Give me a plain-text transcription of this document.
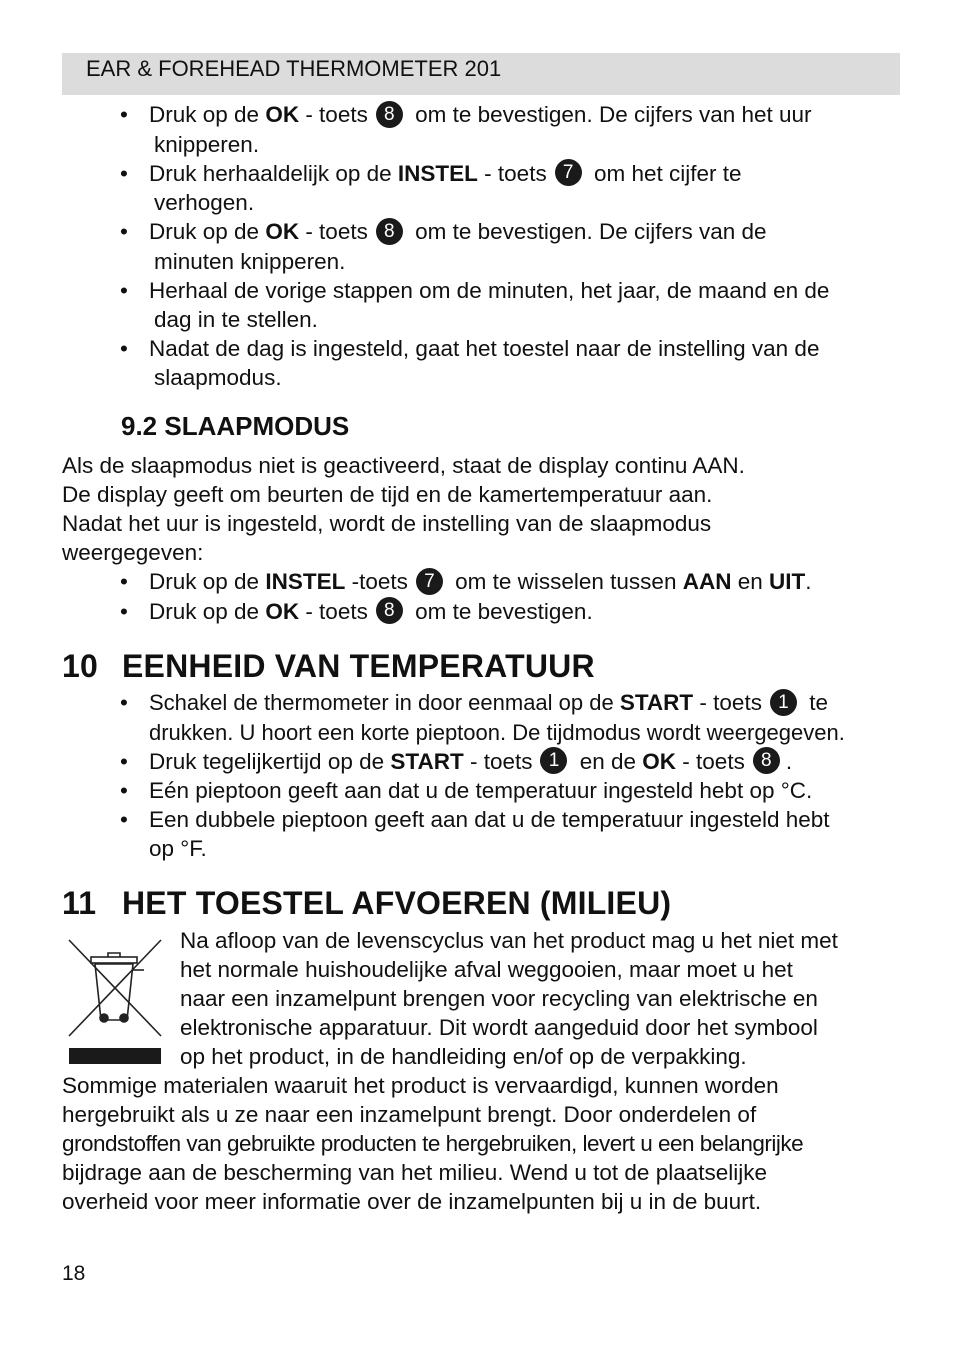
EAR & FOREHEAD THERMOMETER 201
• Druk op de OK - toets 8 om te bevestigen. De cijfers van het uur
knipperen.
• Druk herhaaldelijk op de INSTEL - toets 7 om het cijfer te
verhogen.
• Druk op de OK - toets 8 om te bevestigen. De cijfers van de
minuten knipperen.
• Herhaal de vorige stappen om de minuten, het jaar, de maand en de
dag in te stellen.
• Nadat de dag is ingesteld, gaat het toestel naar de instelling van de
slaapmodus.
9.2 SLAAPMODUS
Als de slaapmodus niet is geactiveerd, staat de display continu AAN.
De display geeft om beurten de tijd en de kamertemperatuur aan.
Nadat het uur is ingesteld, wordt de instelling van de slaapmodus
weergegeven:
• Druk op de INSTEL -toets 7 om te wisselen tussen AAN en UIT.
• Druk op de OK - toets 8 om te bevestigen.
10 EENHEID VAN TEMPERATUUR
• Schakel de thermometer in door eenmaal op de START - toets 1 te
drukken. U hoort een korte pieptoon. De tijdmodus wordt weergegeven.
• Druk tegelijkertijd op de START - toets 1 en de OK - toets 8 .
• Eén pieptoon geeft aan dat u de temperatuur ingesteld hebt op °C.
• Een dubbele pieptoon geeft aan dat u de temperatuur ingesteld hebt
op °F.
11 HET TOESTEL AFVOEREN (MILIEU)
Na afloop van de levenscyclus van het product mag u het niet met
het normale huishoudelijke afval weggooien, maar moet u het
naar een inzamelpunt brengen voor recycling van elektrische en
elektronische apparatuur. Dit wordt aangeduid door het symbool
op het product, in de handleiding en/of op de verpakking.
Sommige materialen waaruit het product is vervaardigd, kunnen worden
hergebruikt als u ze naar een inzamelpunt brengt. Door onderdelen of
grondstoffen van gebruikte producten te hergebruiken, levert u een belangrijke
bijdrage aan de bescherming van het milieu. Wend u tot de plaatselijke
overheid voor meer informatie over de inzamelpunten bij u in de buurt.
18
